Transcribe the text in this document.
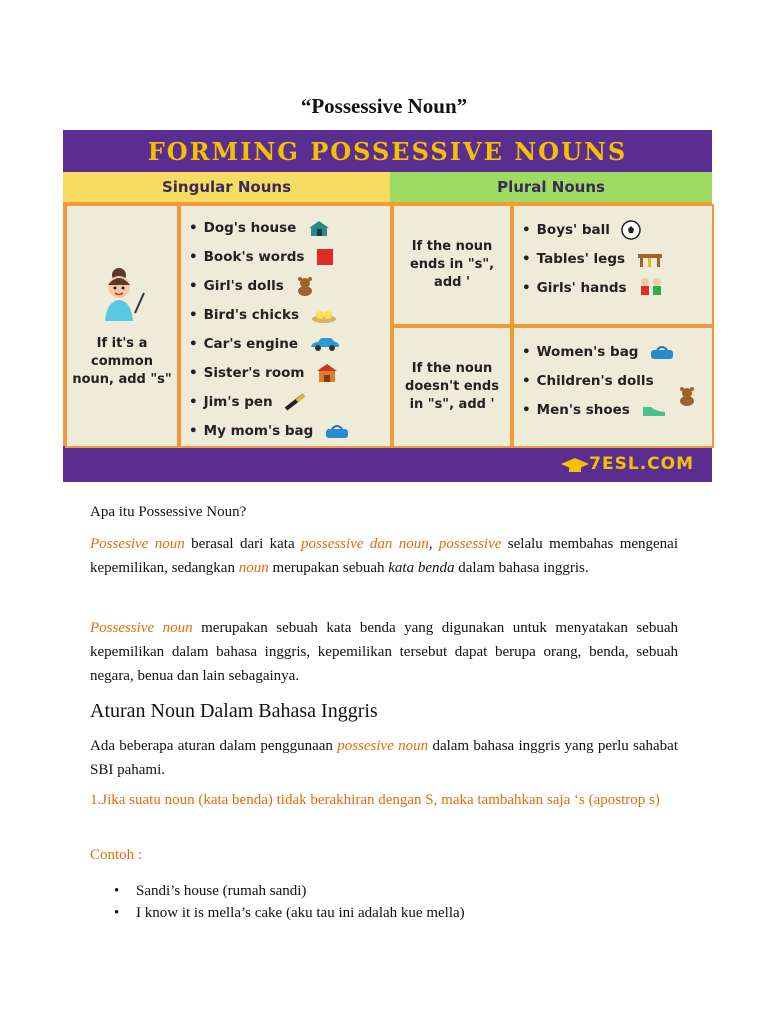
“Possessive Noun”
FORMING POSSESSIVE NOUNS
Singular Nouns	Plural Nouns
If it's a common noun, add "s"
• Dog's house
• Book's words
• Girl's dolls
• Bird's chicks
• Car's engine
• Sister's room
• Jim's pen
• My mom's bag
If the noun ends in "s", add '
• Boys' ball
• Tables' legs
• Girls' hands
If the noun doesn't ends in "s", add '
• Women's bag
• Children's dolls
• Men's shoes
7ESL.COM
Apa itu Possessive Noun?
Possesive noun berasal dari kata possessive dan noun, possessive selalu membahas mengenai kepemilikan, sedangkan noun merupakan sebuah kata benda dalam bahasa inggris.
Possessive noun merupakan sebuah kata benda yang digunakan untuk menyatakan sebuah kepemilikan dalam bahasa inggris, kepemilikan tersebut dapat berupa orang, benda, sebuah negara, benua dan lain sebagainya.
Aturan Noun Dalam Bahasa Inggris
Ada beberapa aturan dalam penggunaan possesive noun dalam bahasa inggris yang perlu sahabat SBI pahami.
1.Jika suatu noun (kata benda) tidak berakhiran dengan S, maka tambahkan saja ‘s (apostrop s)
Contoh :
• Sandi’s house (rumah sandi)
• I know it is mella’s cake (aku tau ini adalah kue mella)
